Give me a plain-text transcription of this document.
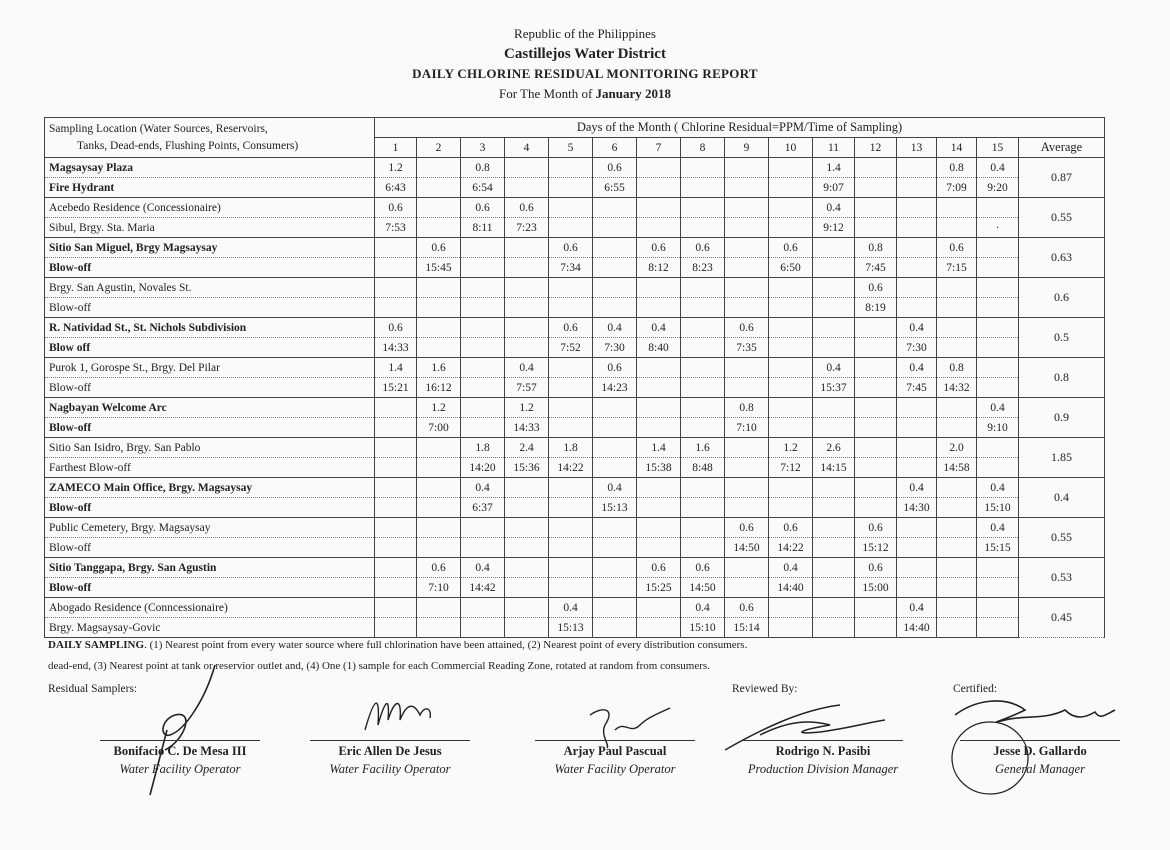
Republic of the Philippines
Castillejos Water District
DAILY CHLORINE RESIDUAL MONITORING REPORT
For The Month of January 2018
Sampling Location (Water Sources, Reservoirs,
Tanks, Dead-ends, Flushing Points, Consumers)	Days of the Month ( Chlorine Residual=PPM/Time of Sampling)															
	1	2	3	4	5	6	7	8	9	10	11	12	13	14	15	Average
Magsaysay Plaza	1.2		0.8			0.6					1.4			0.8	0.4	0.87
Fire Hydrant	6:43		6:54			6:55					9:07			7:09	9:20	
Acebedo Residence (Concessionaire)	0.6		0.6	0.6							0.4					0.55
Sibul, Brgy. Sta. Maria	7:53		8:11	7:23							9:12				·	
Sitio San Miguel, Brgy Magsaysay		0.6			0.6		0.6	0.6		0.6		0.8		0.6		0.63
Blow-off		15:45			7:34		8:12	8:23		6:50		7:45		7:15		
Brgy. San Agustin, Novales St.												0.6				0.6
Blow-off												8:19				
R. Natividad St., St. Nichols Subdivision	0.6				0.6	0.4	0.4		0.6				0.4			0.5
Blow off	14:33				7:52	7:30	8:40		7:35				7:30			
Purok 1, Gorospe St., Brgy. Del Pilar	1.4	1.6		0.4		0.6					0.4		0.4	0.8		0.8
Blow-off	15:21	16:12		7:57		14:23					15:37		7:45	14:32		
Nagbayan Welcome Arc		1.2		1.2					0.8						0.4	0.9
Blow-off		7:00		14:33					7:10						9:10	
Sitio San Isidro, Brgy. San Pablo			1.8	2.4	1.8		1.4	1.6		1.2	2.6			2.0		1.85
Farthest Blow-off			14:20	15:36	14:22		15:38	8:48		7:12	14:15			14:58		
ZAMECO Main Office, Brgy. Magsaysay			0.4			0.4							0.4		0.4	0.4
Blow-off			6:37			15:13							14:30		15:10	
Public Cemetery, Brgy. Magsaysay									0.6	0.6		0.6			0.4	0.55
Blow-off									14:50	14:22		15:12			15:15	
Sitio Tanggapa, Brgy. San Agustin		0.6	0.4				0.6	0.6		0.4		0.6				0.53
Blow-off		7:10	14:42				15:25	14:50		14:40		15:00				
Abogado Residence (Conncessionaire)					0.4			0.4	0.6				0.4			0.45
Brgy. Magsaysay-Govic					15:13			15:10	15:14				14:40			
DAILY SAMPLING. (1) Nearest point from every water source where full chlorination have been attained, (2) Nearest point of every distribution consumers.
dead-end, (3) Nearest point at tank or reservior outlet and, (4) One (1) sample for each Commercial Reading Zone, rotated at random from consumers.
Residual Samplers:	Reviewed By:	Certified:
Bonifacio C. De Mesa III
Water Facility Operator
Eric Allen De Jesus
Water Facility Operator
Arjay Paul Pascual
Water Facility Operator
Rodrigo N. Pasibi
Production Division Manager
Jesse D. Gallardo
General Manager
